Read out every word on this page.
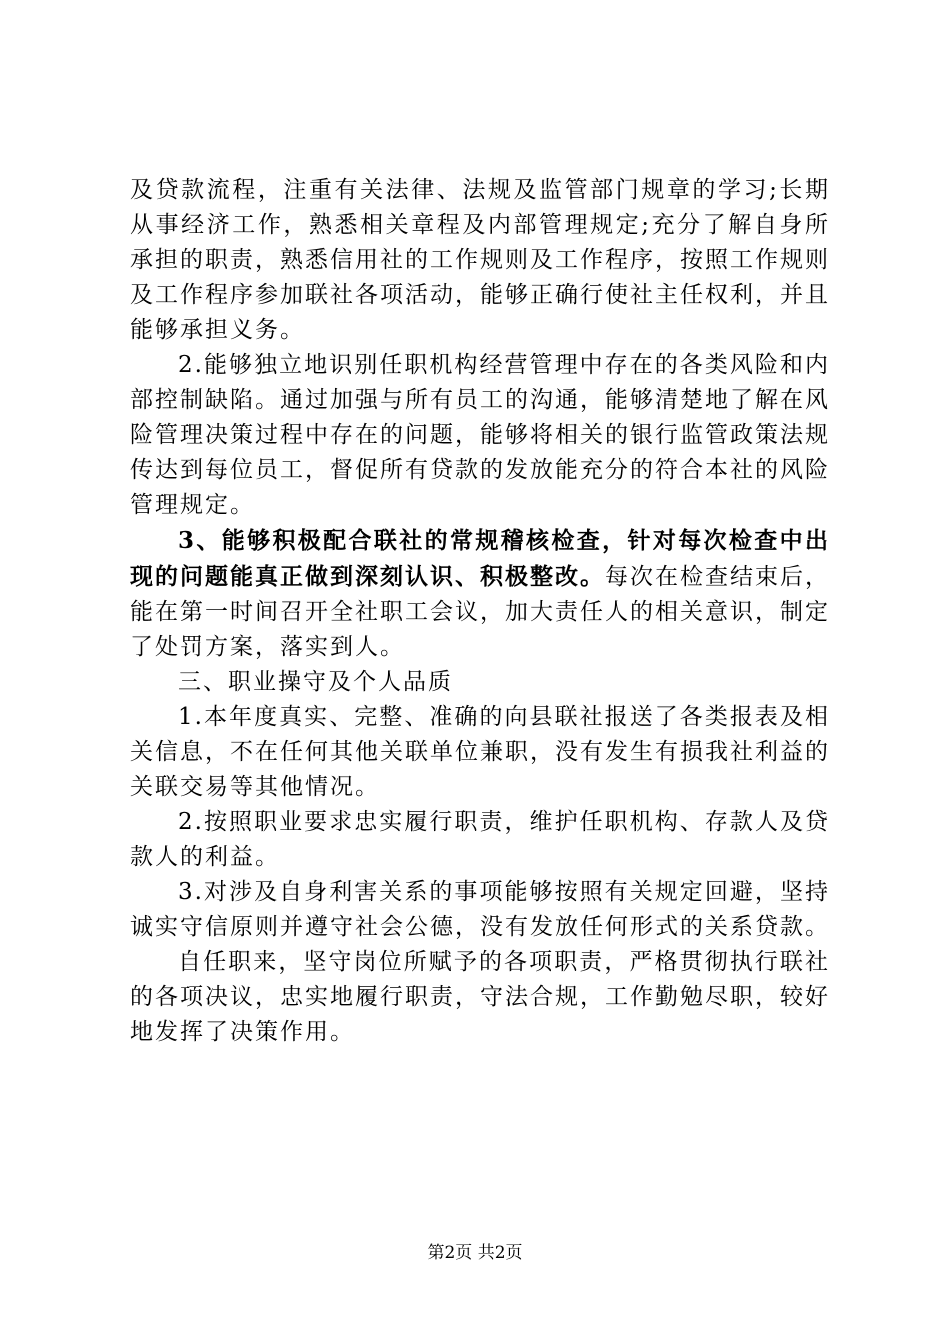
及贷款流程，注重有关法律、法规及监管部门规章的学习;长期从事经济工作，熟悉相关章程及内部管理规定;充分了解自身所承担的职责，熟悉信用社的工作规则及工作程序，按照工作规则及工作程序参加联社各项活动，能够正确行使社主任权利，并且能够承担义务。

2.能够独立地识别任职机构经营管理中存在的各类风险和内部控制缺陷。通过加强与所有员工的沟通，能够清楚地了解在风险管理决策过程中存在的问题，能够将相关的银行监管政策法规传达到每位员工，督促所有贷款的发放能充分的符合本社的风险管理规定。

3、能够积极配合联社的常规稽核检查，针对每次检查中出现的问题能真正做到深刻认识、积极整改。每次在检查结束后，能在第一时间召开全社职工会议，加大责任人的相关意识，制定了处罚方案，落实到人。

三、职业操守及个人品质

1.本年度真实、完整、准确的向县联社报送了各类报表及相关信息，不在任何其他关联单位兼职，没有发生有损我社利益的关联交易等其他情况。

2.按照职业要求忠实履行职责，维护任职机构、存款人及贷款人的利益。

3.对涉及自身利害关系的事项能够按照有关规定回避，坚持诚实守信原则并遵守社会公德，没有发放任何形式的关系贷款。

自任职来，坚守岗位所赋予的各项职责，严格贯彻执行联社的各项决议，忠实地履行职责，守法合规，工作勤勉尽职，较好地发挥了决策作用。

第2页 共2页
